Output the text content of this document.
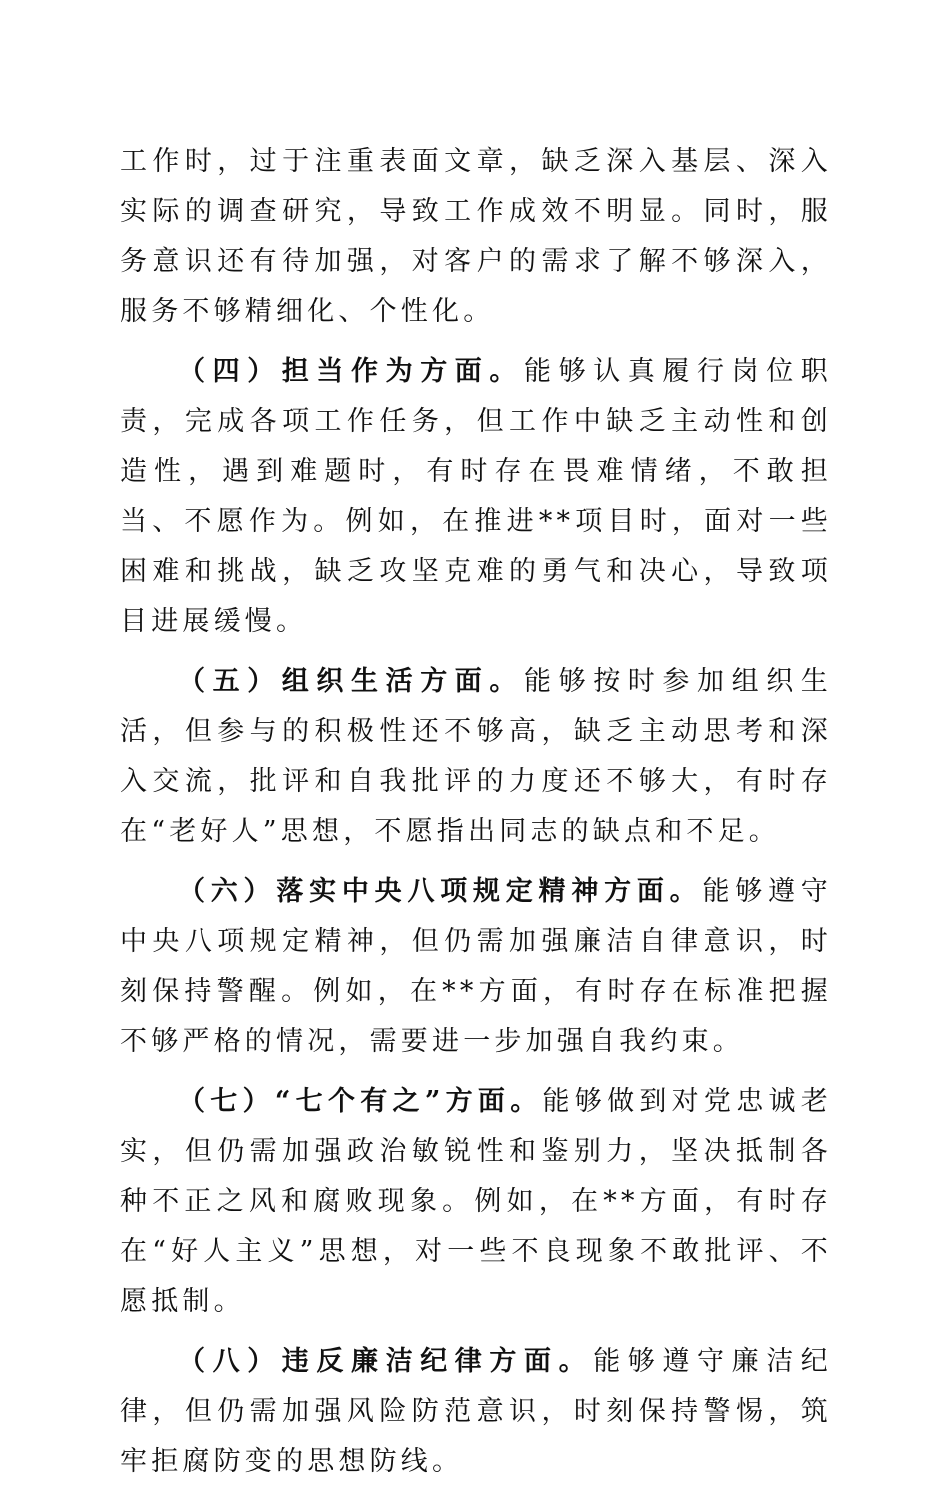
工作时，过于注重表面文章，缺乏深入基层、深入实际的调查研究，导致工作成效不明显。同时，服务意识还有待加强，对客户的需求了解不够深入，服务不够精细化、个性化。

（四）担当作为方面。能够认真履行岗位职责，完成各项工作任务，但工作中缺乏主动性和创造性，遇到难题时，有时存在畏难情绪，不敢担当、不愿作为。例如，在推进**项目时，面对一些困难和挑战，缺乏攻坚克难的勇气和决心，导致项目进展缓慢。

（五）组织生活方面。能够按时参加组织生活，但参与的积极性还不够高，缺乏主动思考和深入交流，批评和自我批评的力度还不够大，有时存在“老好人”思想，不愿指出同志的缺点和不足。

（六）落实中央八项规定精神方面。能够遵守中央八项规定精神，但仍需加强廉洁自律意识，时刻保持警醒。例如，在**方面，有时存在标准把握不够严格的情况，需要进一步加强自我约束。

（七）“七个有之”方面。能够做到对党忠诚老实，但仍需加强政治敏锐性和鉴别力，坚决抵制各种不正之风和腐败现象。例如，在**方面，有时存在“好人主义”思想，对一些不良现象不敢批评、不愿抵制。

（八）违反廉洁纪律方面。能够遵守廉洁纪律，但仍需加强风险防范意识，时刻保持警惕，筑牢拒腐防变的思想防线。
